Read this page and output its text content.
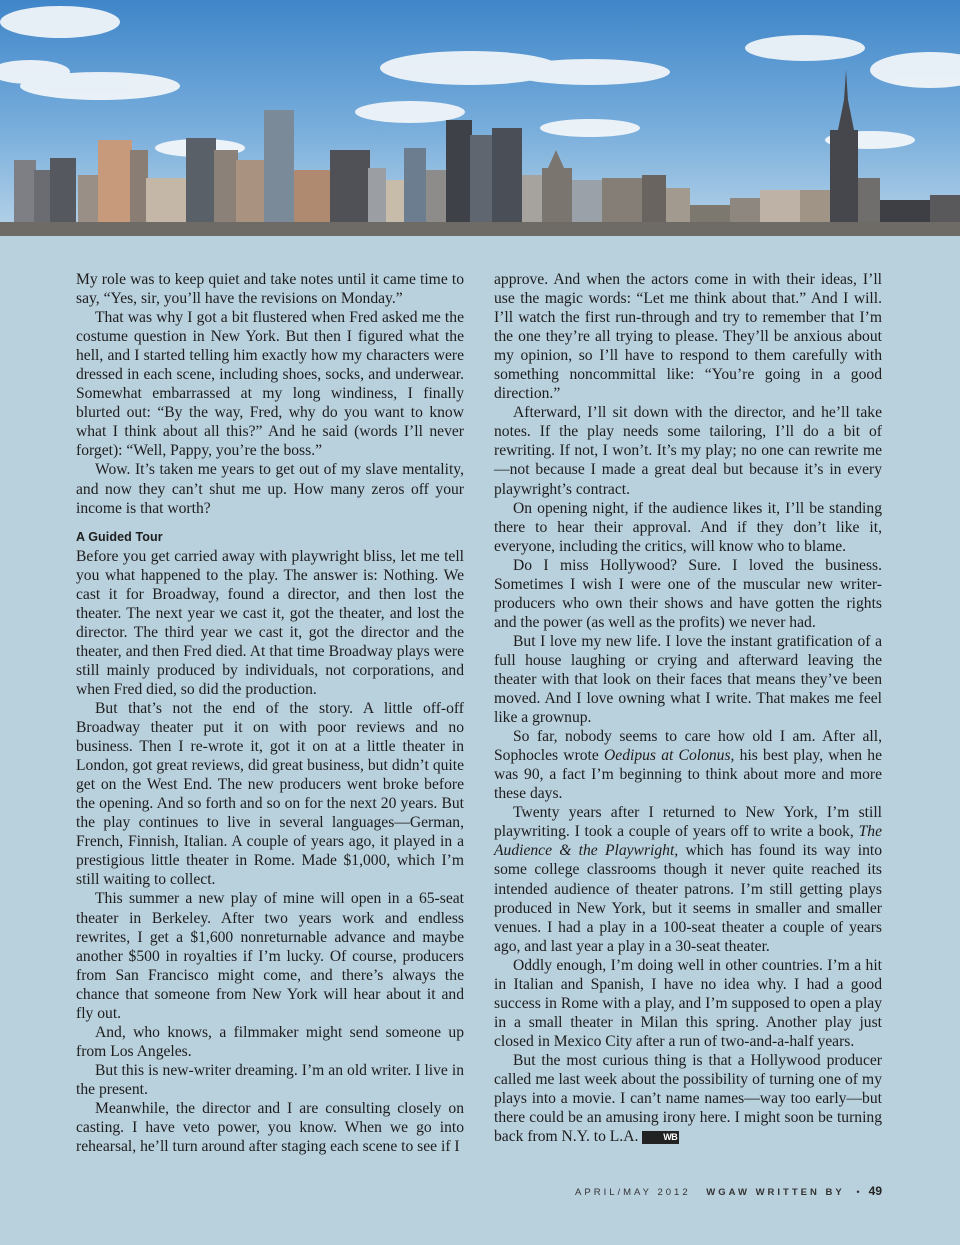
My role was to keep quiet and take notes until it came time to say, “Yes, sir, you’ll have the revisions on Monday.”

That was why I got a bit flustered when Fred asked me the costume question in New York. But then I figured what the hell, and I started telling him exactly how my characters were dressed in each scene, including shoes, socks, and underwear. Somewhat embarrassed at my long windiness, I finally blurted out: “By the way, Fred, why do you want to know what I think about all this?” And he said (words I’ll never forget): “Well, Pappy, you’re the boss.”

Wow. It’s taken me years to get out of my slave mentality, and now they can’t shut me up. How many zeros off your income is that worth?

A Guided Tour

Before you get carried away with playwright bliss, let me tell you what happened to the play. The answer is: Nothing. We cast it for Broadway, found a director, and then lost the theater. The next year we cast it, got the theater, and lost the director. The third year we cast it, got the director and the theater, and then Fred died. At that time Broadway plays were still mainly produced by individuals, not corporations, and when Fred died, so did the production.

But that’s not the end of the story. A little off-off Broadway theater put it on with poor reviews and no business. Then I re-wrote it, got it on at a little theater in London, got great reviews, did great business, but didn’t quite get on the West End. The new producers went broke before the opening. And so forth and so on for the next 20 years. But the play continues to live in several languages—German, French, Finnish, Italian. A couple of years ago, it played in a prestigious little theater in Rome. Made $1,000, which I’m still waiting to collect.

This summer a new play of mine will open in a 65-seat theater in Berkeley. After two years work and endless rewrites, I get a $1,600 nonreturnable advance and maybe another $500 in royalties if I’m lucky. Of course, producers from San Francisco might come, and there’s always the chance that someone from New York will hear about it and fly out.

And, who knows, a filmmaker might send someone up from Los Angeles.

But this is new-writer dreaming. I’m an old writer. I live in the present.

Meanwhile, the director and I are consulting closely on casting. I have veto power, you know. When we go into rehearsal, he’ll turn around after staging each scene to see if I

approve. And when the actors come in with their ideas, I’ll use the magic words: “Let me think about that.” And I will. I’ll watch the first run-through and try to remember that I’m the one they’re all trying to please. They’ll be anxious about my opinion, so I’ll have to respond to them carefully with something noncommittal like: “You’re going in a good direction.”

Afterward, I’ll sit down with the director, and he’ll take notes. If the play needs some tailoring, I’ll do a bit of rewriting. If not, I won’t. It’s my play; no one can rewrite me—not because I made a great deal but because it’s in every playwright’s contract.

On opening night, if the audience likes it, I’ll be standing there to hear their approval. And if they don’t like it, everyone, including the critics, will know who to blame.

Do I miss Hollywood? Sure. I loved the business. Sometimes I wish I were one of the muscular new writer-producers who own their shows and have gotten the rights and the power (as well as the profits) we never had.

But I love my new life. I love the instant gratification of a full house laughing or crying and afterward leaving the theater with that look on their faces that means they’ve been moved. And I love owning what I write. That makes me feel like a grownup.

So far, nobody seems to care how old I am. After all, Sophocles wrote Oedipus at Colonus, his best play, when he was 90, a fact I’m beginning to think about more and more these days.

Twenty years after I returned to New York, I’m still playwriting. I took a couple of years off to write a book, The Audience & the Playwright, which has found its way into some college classrooms though it never quite reached its intended audience of theater patrons. I’m still getting plays produced in New York, but it seems in smaller and smaller venues. I had a play in a 100-seat theater a couple of years ago, and last year a play in a 30-seat theater.

Oddly enough, I’m doing well in other countries. I’m a hit in Italian and Spanish, I have no idea why. I had a good success in Rome with a play, and I’m supposed to open a play in a small theater in Milan this spring. Another play just closed in Mexico City after a run of two-and-a-half years.

But the most curious thing is that a Hollywood producer called me last week about the possibility of turning one of my plays into a movie. I can’t name names—way too early—but there could be an amusing irony here. I might soon be turning back from N.Y. to L.A.	WB

APRIL/MAY 2012 WGAW WRITTEN BY • 49
